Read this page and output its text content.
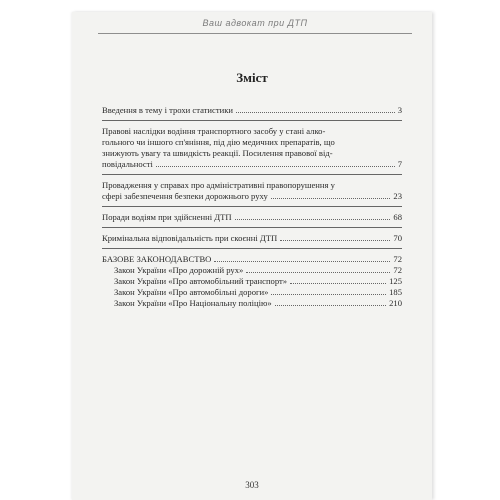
Ваш адвокат при ДТП
Зміст
Введення в тему і трохи статистики	3
Правові наслідки водіння транспортного засобу у стані алко-
гольного чи іншого сп'яніння, під дію медичних препаратів, що
знижують увагу та швидкість реакції. Посилення правової від-
повідальності	7
Провадження у справах про адміністративні правопорушення у
сфері забезпечення безпеки дорожнього руху	23
Поради водіям при здійсненні ДТП	68
Кримінальна відповідальність при скоєнні ДТП	70
БАЗОВЕ ЗАКОНОДАВСТВО	72
Закон України «Про дорожній рух»	72
Закон України «Про автомобільний транспорт»	125
Закон України «Про автомобільні дороги»	185
Закон України «Про Національну поліцію»	210
303
